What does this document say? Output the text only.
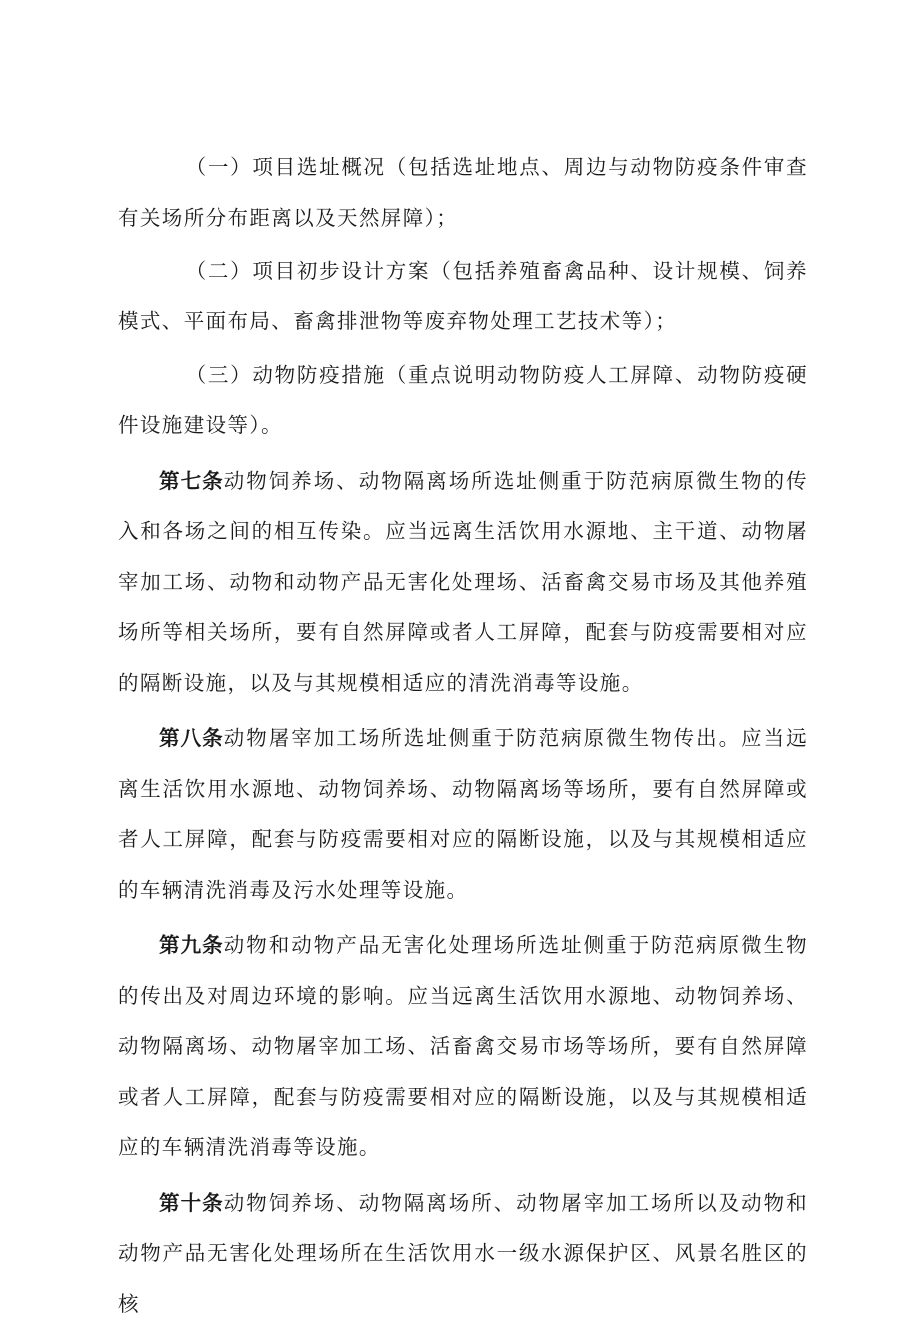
（一）项目选址概况（包括选址地点、周边与动物防疫条件审查有关场所分布距离以及天然屏障）；

（二）项目初步设计方案（包括养殖畜禽品种、设计规模、饲养模式、平面布局、畜禽排泄物等废弃物处理工艺技术等）；

（三）动物防疫措施（重点说明动物防疫人工屏障、动物防疫硬件设施建设等）。

第七条动物饲养场、动物隔离场所选址侧重于防范病原微生物的传入和各场之间的相互传染。应当远离生活饮用水源地、主干道、动物屠宰加工场、动物和动物产品无害化处理场、活畜禽交易市场及其他养殖场所等相关场所，要有自然屏障或者人工屏障，配套与防疫需要相对应的隔断设施，以及与其规模相适应的清洗消毒等设施。

第八条动物屠宰加工场所选址侧重于防范病原微生物传出。应当远离生活饮用水源地、动物饲养场、动物隔离场等场所，要有自然屏障或者人工屏障，配套与防疫需要相对应的隔断设施，以及与其规模相适应的车辆清洗消毒及污水处理等设施。

第九条动物和动物产品无害化处理场所选址侧重于防范病原微生物的传出及对周边环境的影响。应当远离生活饮用水源地、动物饲养场、动物隔离场、动物屠宰加工场、活畜禽交易市场等场所，要有自然屏障或者人工屏障，配套与防疫需要相对应的隔断设施，以及与其规模相适应的车辆清洗消毒等设施。

第十条动物饲养场、动物隔离场所、动物屠宰加工场所以及动物和动物产品无害化处理场所在生活饮用水一级水源保护区、风景名胜区的核
